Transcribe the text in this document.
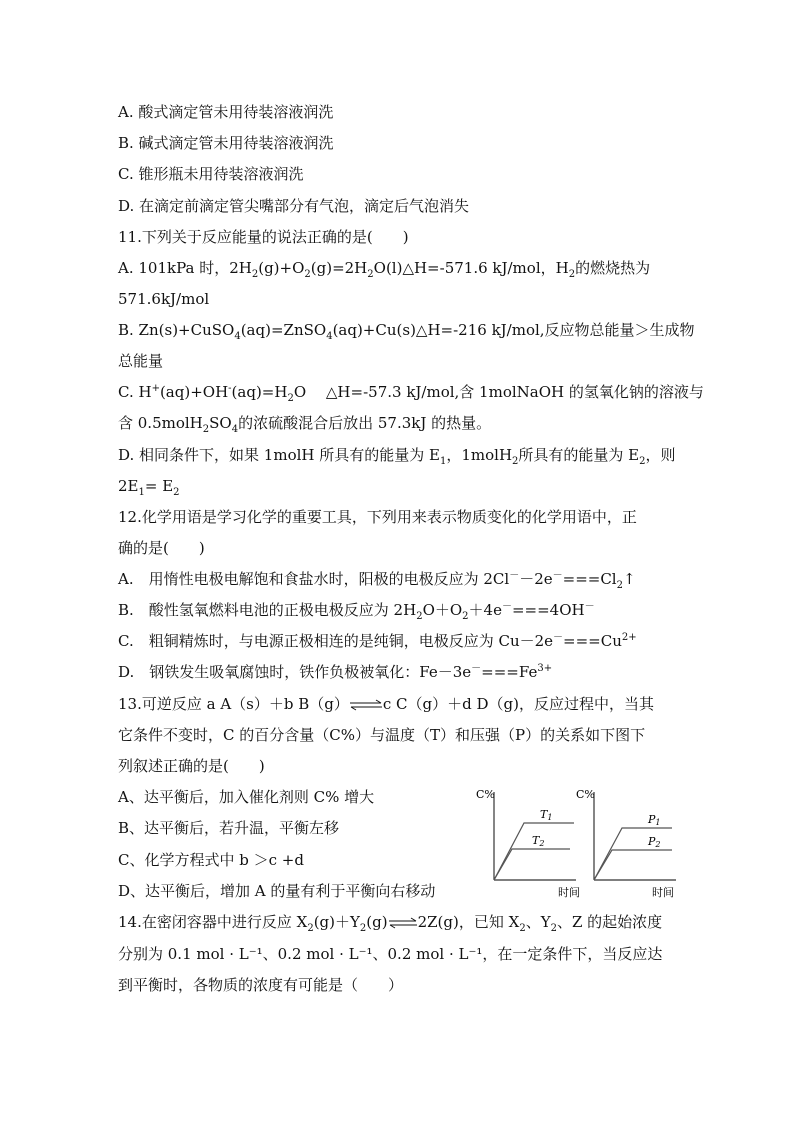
A. 酸式滴定管未用待装溶液润洗
B. 碱式滴定管未用待装溶液润洗
C. 锥形瓶未用待装溶液润洗
D. 在滴定前滴定管尖嘴部分有气泡，滴定后气泡消失
11.下列关于反应能量的说法正确的是(　　)
A. 101kPa 时，$2H_2(g)+O_2(g)=2H_2O(l)\triangle H=-571.6$ kJ/mol，$H_2$的燃烧热为
571.6kJ/mol
B. Zn(s)+CuSO$_4$(aq)=ZnSO$_4$(aq)+Cu(s)△H=-216 kJ/mol,反应物总能量＞生成物
总能量
C. $H^+(aq)+OH^-(aq)=H_2O$　 △H=-57.3 kJ/mol,含 1molNaOH 的氢氧化钠的溶液与
含 $0.5molH_2SO_4$的浓硫酸混合后放出 57.3kJ 的热量。
D. 相同条件下，如果 1molH 所具有的能量为 $E_1$，1molH$_2$所具有的能量为 $E_2$，则
$2E_1= E_2$
12.化学用语是学习化学的重要工具，下列用来表示物质变化的化学用语中，正
确的是(　　)
A.　用惰性电极电解饱和食盐水时，阳极的电极反应为 $2Cl^--2e^-===Cl_2↑$
B.　酸性氢氧燃料电池的正极电极反应为 $2H_2O+O_2+4e^-===4OH^-$
C.　粗铜精炼时，与电源正极相连的是纯铜，电极反应为 $Cu-2e^-===Cu^{2+}$
D.　钢铁发生吸氧腐蚀时，铁作负极被氧化：$Fe-3e^-===Fe^{3+}$
13.可逆反应 a A（s）＋b B（g）⇌c C（g）＋d D（g)，反应过程中，当其
它条件不变时，C 的百分含量（C%）与温度（T）和压强（P）的关系如下图下
列叙述正确的是(　　)
A、达平衡后，加入催化剂则 C% 增大
B、达平衡后，若升温，平衡左移
C、化学方程式中 b ＞c +d
D、达平衡后，增加 A 的量有利于平衡向右移动
C%
T1
T2
时间
C%
P1
P2
时间
14.在密闭容器中进行反应 $X_2(g)+Y_2(g)\rightleftharpoons 2Z(g)$，已知 $X_2$、$Y_2$、Z 的起始浓度
分别为 0.1 mol · L⁻¹、0.2 mol · L⁻¹、0.2 mol · L⁻¹，在一定条件下，当反应达
到平衡时，各物质的浓度有可能是（　　）
